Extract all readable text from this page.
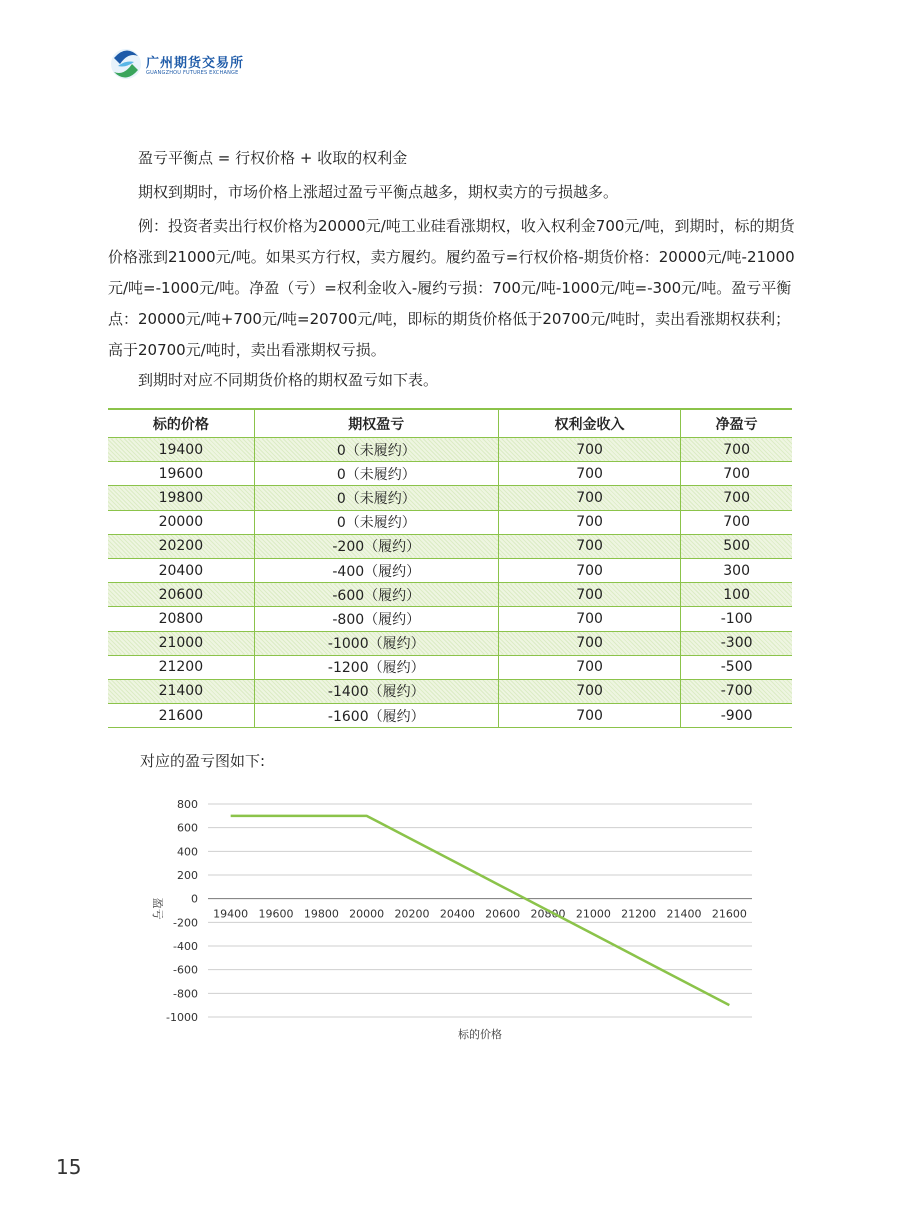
广州期货交易所
GUANGZHOU FUTURES EXCHANGE

盈亏平衡点 = 行权价格 + 收取的权利金

期权到期时，市场价格上涨超过盈亏平衡点越多，期权卖方的亏损越多。

例：投资者卖出行权价格为20000元/吨工业硅看涨期权，收入权利金700元/吨，到期时，标的期货价格涨到21000元/吨。如果买方行权，卖方履约。履约盈亏=行权价格-期货价格：20000元/吨-21000元/吨=-1000元/吨。净盈（亏）=权利金收入-履约亏损：700元/吨-1000元/吨=-300元/吨。盈亏平衡点：20000元/吨+700元/吨=20700元/吨，即标的期货价格低于20700元/吨时，卖出看涨期权获利；高于20700元/吨时，卖出看涨期权亏损。

到期时对应不同期货价格的期权盈亏如下表。

标的价格	期权盈亏	权利金收入	净盈亏
19400	0（未履约）	700	700
19600	0（未履约）	700	700
19800	0（未履约）	700	700
20000	0（未履约）	700	700
20200	-200（履约）	700	500
20400	-400（履约）	700	300
20600	-600（履约）	700	100
20800	-800（履约）	700	-100
21000	-1000（履约）	700	-300
21200	-1200（履约）	700	-500
21400	-1400（履约）	700	-700
21600	-1600（履约）	700	-900
对应的盈亏图如下:
800
600
400
200
0
-200
-400
-600
-800
-1000
19400 19600 19800 20000 20200 20400 20600 20800 21000 21200 21400 21600
标的价格
盈亏
15
